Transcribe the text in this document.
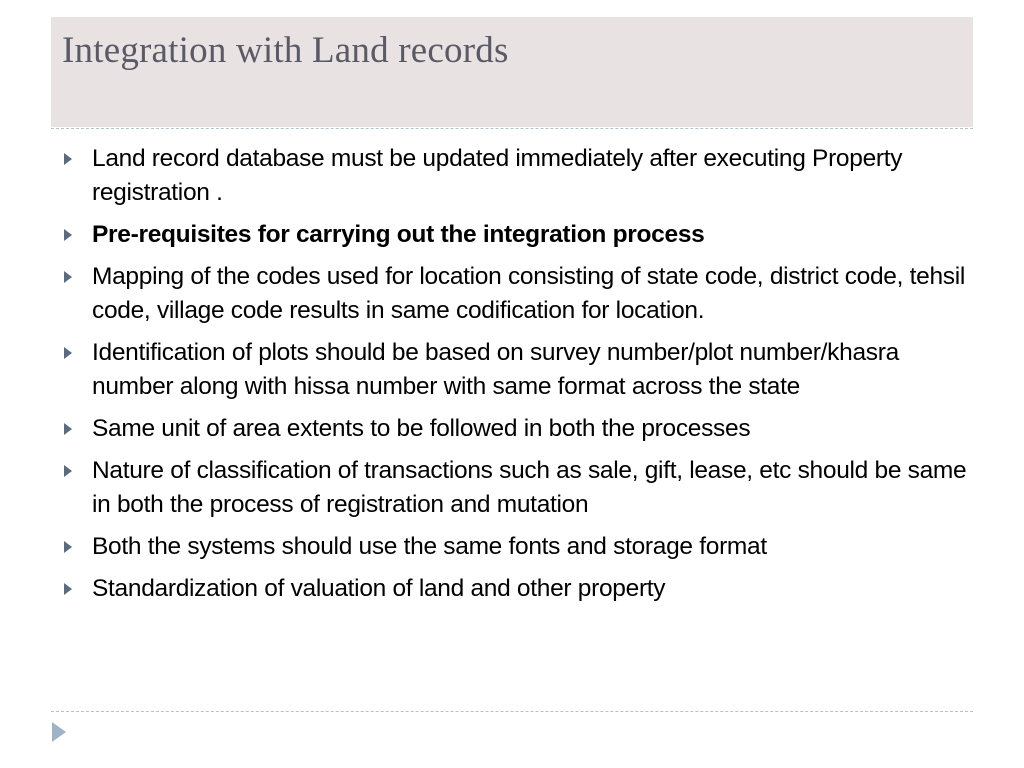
Integration with Land records
Land record database must be updated immediately after executing Property registration .
Pre-requisites for carrying out the integration process
Mapping of the codes used for location consisting of state code, district code, tehsil code, village code results in same codification for location.
Identification of plots should be based on survey number/plot number/khasra number along with hissa number with same format across the state
Same unit of area extents to be followed in both the processes
Nature of classification of transactions such as sale, gift, lease, etc should be same in both the process of registration and mutation
Both the systems should use the same fonts and storage format
Standardization of valuation of land and other property
